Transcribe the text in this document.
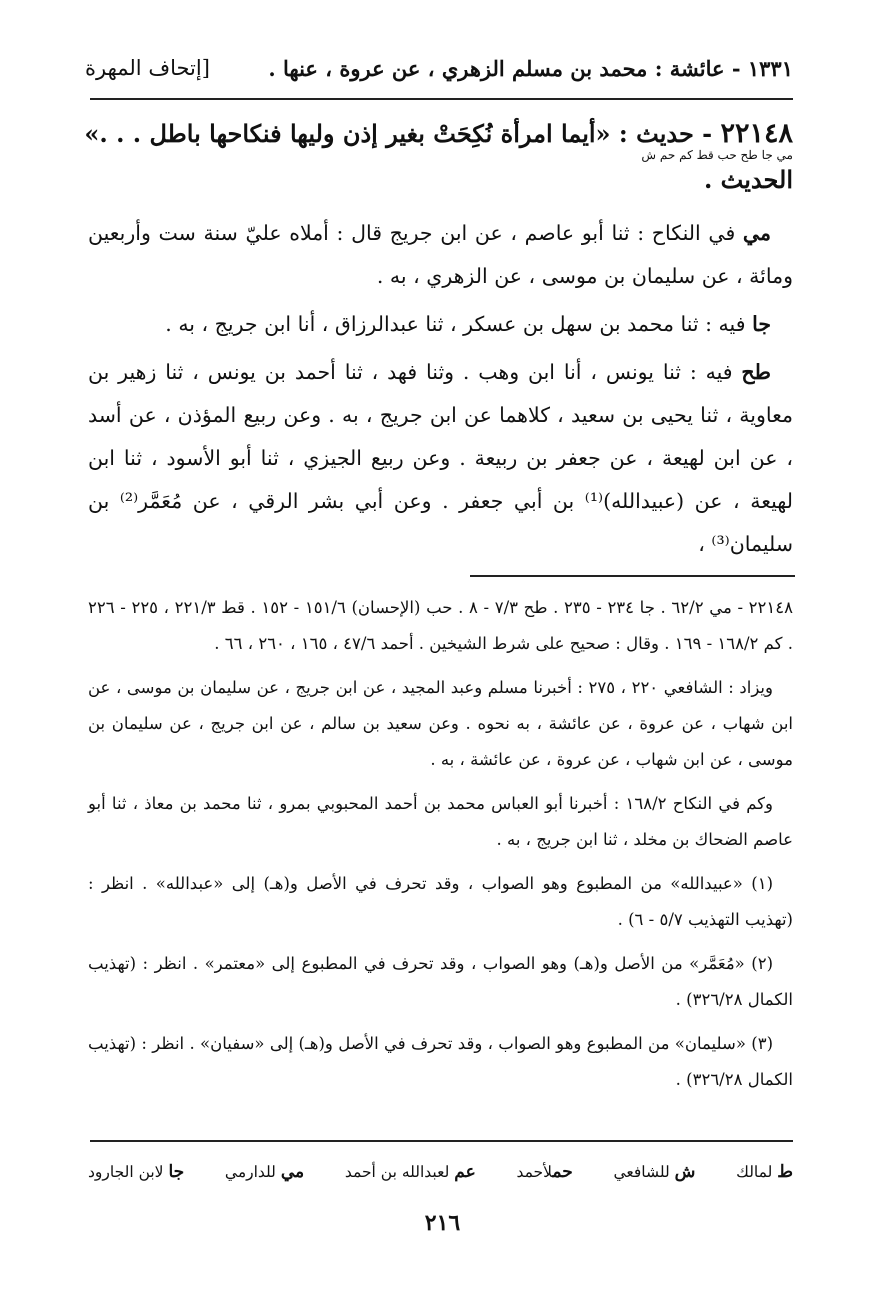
١٣٣١ - عائشة : محمد بن مسلم الزهري ، عن عروة ، عنها .
[إتحاف المهرة
٢٢١٤٨ - حديث : «أيما امرأة نُكِحَتْ بغير إذن وليها فنكاحها باطل . . .»
مي جا طح حب قط كم حم ش
الحديث .

مي في النكاح : ثنا أبو عاصم ، عن ابن جريج قال : أملاه عليّ سنة ست وأربعين ومائة ، عن سليمان بن موسى ، عن الزهري ، به .

جا فيه : ثنا محمد بن سهل بن عسكر ، ثنا عبدالرزاق ، أنا ابن جريج ، به .

طح فيه : ثنا يونس ، أنا ابن وهب . وثنا فهد ، ثنا أحمد بن يونس ، ثنا زهير بن معاوية ، ثنا يحيى بن سعيد ، كلاهما عن ابن جريج ، به . وعن ربيع المؤذن ، عن أسد ، عن ابن لهيعة ، عن جعفر بن ربيعة . وعن ربيع الجيزي ، ثنا أبو الأسود ، ثنا ابن لهيعة ، عن (عبيدالله)⁽¹⁾ بن أبي جعفر . وعن أبي بشر الرقي ، عن مُعَمَّر⁽²⁾ بن سليمان⁽³⁾ ،

٢٢١٤٨ - مي ٦٢/٢ . جا ٢٣٤ - ٢٣٥ . طح ٧/٣ - ٨ . حب (الإحسان) ١٥١/٦ - ١٥٢ . قط ٢٢١/٣ ، ٢٢٥ - ٢٢٦ . كم ١٦٨/٢ - ١٦٩ . وقال : صحيح على شرط الشيخين . أحمد ٤٧/٦ ، ١٦٥ ، ٢٦٠ ، ٦٦ .

ويزاد : الشافعي ٢٢٠ ، ٢٧٥ : أخبرنا مسلم وعبد المجيد ، عن ابن جريج ، عن سليمان بن موسى ، عن ابن شهاب ، عن عروة ، عن عائشة ، به نحوه . وعن سعيد بن سالم ، عن ابن جريج ، عن سليمان بن موسى ، عن ابن شهاب ، عن عروة ، عن عائشة ، به .

وكم في النكاح ١٦٨/٢ : أخبرنا أبو العباس محمد بن أحمد المحبوبي بمرو ، ثنا محمد بن معاذ ، ثنا أبو عاصم الضحاك بن مخلد ، ثنا ابن جريج ، به .

(١) «عبيدالله» من المطبوع وهو الصواب ، وقد تحرف في الأصل و(هـ) إلى «عبدالله» . انظر : (تهذيب التهذيب ٥/٧ - ٦) .

(٢) «مُعَمَّر» من الأصل و(هـ) وهو الصواب ، وقد تحرف في المطبوع إلى «معتمر» . انظر : (تهذيب الكمال ٣٢٦/٢٨) .

(٣) «سليمان» من المطبوع وهو الصواب ، وقد تحرف في الأصل و(هـ) إلى «سفيان» . انظر : (تهذيب الكمال ٣٢٦/٢٨) .

ط لمالك
ش للشافعي
حملأحمد
عم لعبدالله بن أحمد
مي للدارمي
جا لابن الجارود
٢١٦
